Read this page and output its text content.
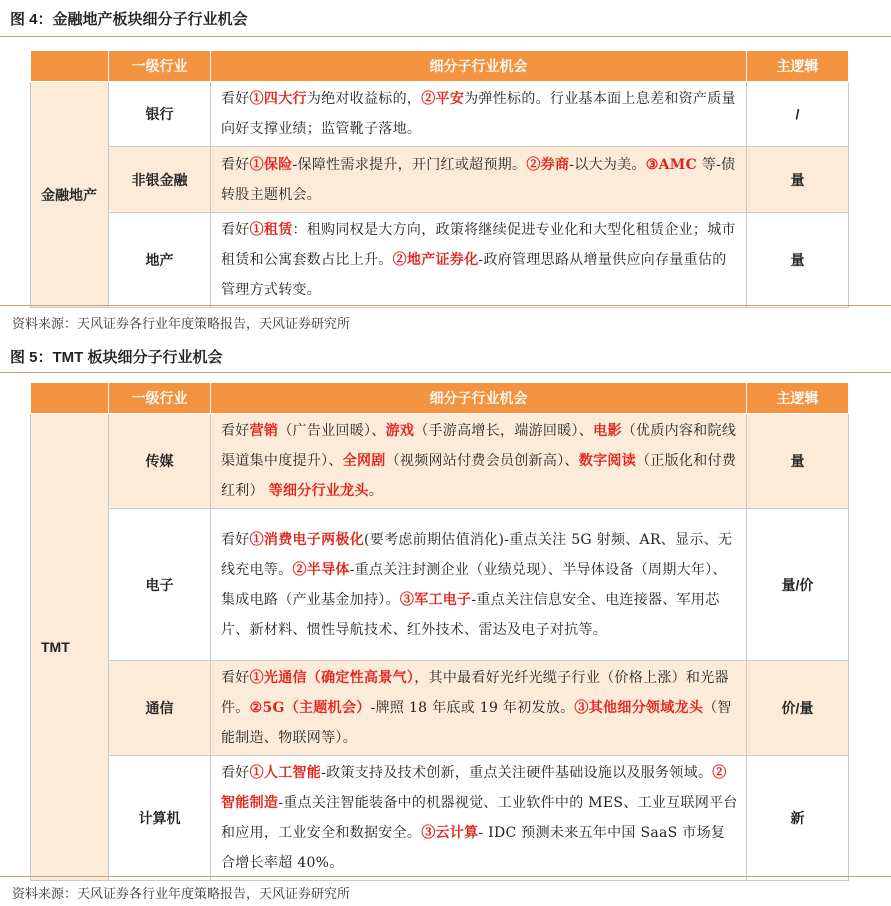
图 4：金融地产板块细分子行业机会
	一级行业	细分子行业机会	主逻辑
金融地产	银行	看好①四大行为绝对收益标的，②平安为弹性标的。行业基本面上息差和资产质量向好支撑业绩；监管靴子落地。	/
	非银金融	看好①保险-保障性需求提升，开门红或超预期。②券商-以大为美。③AMC 等-债转股主题机会。	量
	地产	看好①租赁：租购同权是大方向，政策将继续促进专业化和大型化租赁企业；城市租赁和公寓套数占比上升。②地产证券化-政府管理思路从增量供应向存量重估的管理方式转变。	量
资料来源：天风证券各行业年度策略报告，天风证券研究所
图 5：TMT 板块细分子行业机会
	一级行业	细分子行业机会	主逻辑
TMT	传媒	看好营销（广告业回暖）、游戏（手游高增长，端游回暖）、电影（优质内容和院线渠道集中度提升）、全网剧（视频网站付费会员创新高）、数字阅读（正版化和付费红利） 等细分行业龙头。	量
	电子	看好①消费电子两极化(要考虑前期估值消化)-重点关注 5G 射频、AR、显示、无线充电等。②半导体-重点关注封测企业（业绩兑现）、半导体设备（周期大年）、集成电路（产业基金加持）。③军工电子-重点关注信息安全、电连接器、军用芯片、新材料、惯性导航技术、红外技术、雷达及电子对抗等。	量/价
	通信	看好①光通信（确定性高景气），其中最看好光纤光缆子行业（价格上涨）和光器件。②5G（主题机会）-牌照 18 年底或 19 年初发放。③其他细分领域龙头（智能制造、物联网等）。	价/量
	计算机	看好①人工智能-政策支持及技术创新，重点关注硬件基础设施以及服务领域。②智能制造-重点关注智能装备中的机器视觉、工业软件中的 MES、工业互联网平台和应用，工业安全和数据安全。③云计算- IDC 预测未来五年中国 SaaS 市场复合增长率超 40%。	新
资料来源：天风证券各行业年度策略报告，天风证券研究所
